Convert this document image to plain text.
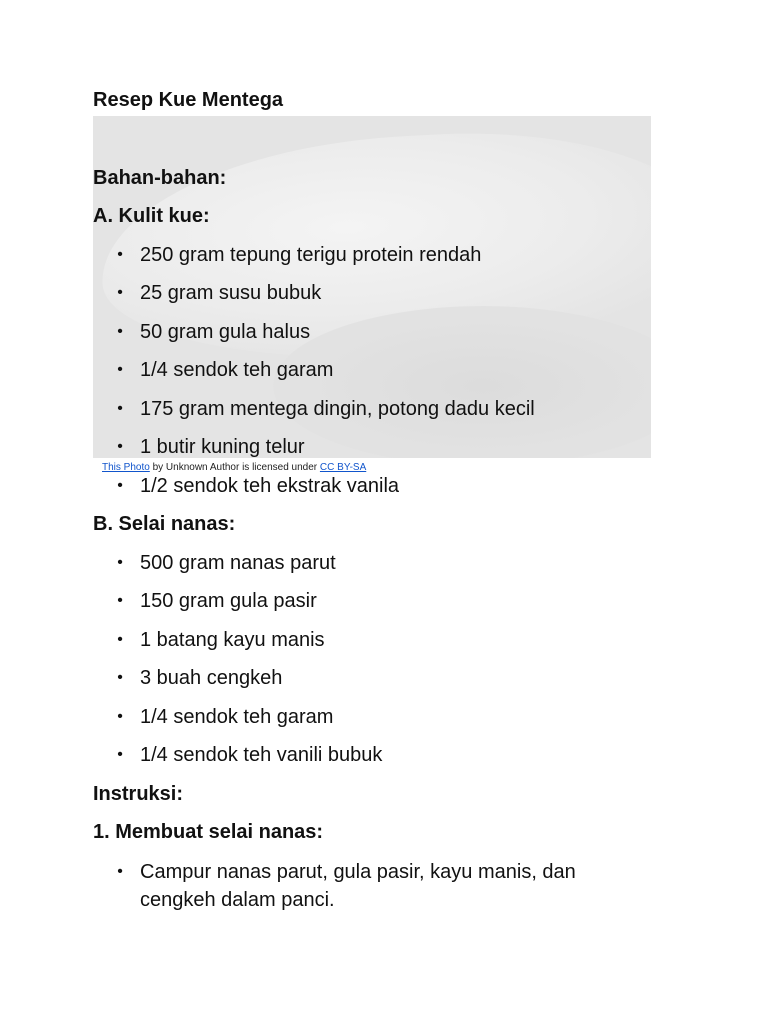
This Photo by Unknown Author is licensed under CC BY-SA
Resep Kue Mentega
Bahan-bahan:
A. Kulit kue:
• 250 gram tepung terigu protein rendah
• 25 gram susu bubuk
• 50 gram gula halus
• 1/4 sendok teh garam
• 175 gram mentega dingin, potong dadu kecil
• 1 butir kuning telur
• 1/2 sendok teh ekstrak vanila
B. Selai nanas:
• 500 gram nanas parut
• 150 gram gula pasir
• 1 batang kayu manis
• 3 buah cengkeh
• 1/4 sendok teh garam
• 1/4 sendok teh vanili bubuk
Instruksi:
1. Membuat selai nanas:
• Campur nanas parut, gula pasir, kayu manis, dan cengkeh dalam panci.
